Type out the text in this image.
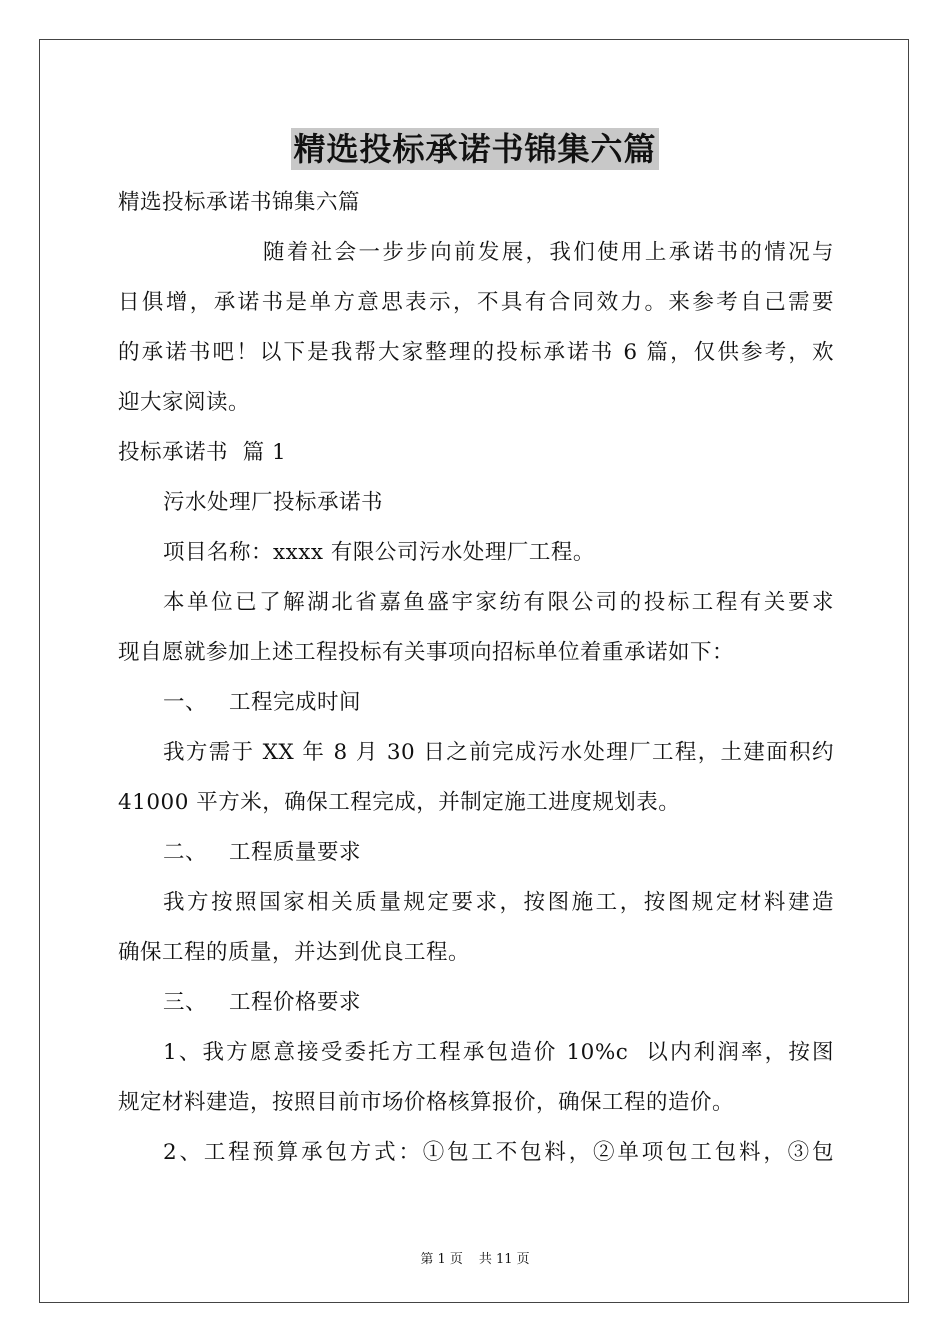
精选投标承诺书锦集六篇
精选投标承诺书锦集六篇
随着社会一步步向前发展，我们使用上承诺书的情况与
日俱增，承诺书是单方意思表示，不具有合同效力。来参考自己需要
的承诺书吧！以下是我帮大家整理的投标承诺书 6 篇，仅供参考，欢
迎大家阅读。
投标承诺书  篇 1
污水处理厂投标承诺书
项目名称：xxxx 有限公司污水处理厂工程。
本单位已了解湖北省嘉鱼盛宇家纺有限公司的投标工程有关要求
现自愿就参加上述工程投标有关事项向招标单位着重承诺如下：
一、 工程完成时间
我方需于 XX 年 8 月 30 日之前完成污水处理厂工程，土建面积约
41000 平方米，确保工程完成，并制定施工进度规划表。
二、 工程质量要求
我方按照国家相关质量规定要求，按图施工，按图规定材料建造
确保工程的质量，并达到优良工程。
三、 工程价格要求
1、我方愿意接受委托方工程承包造价 10%c  以内利润率，按图
规定材料建造，按照目前市场价格核算报价，确保工程的造价。
2、工程预算承包方式：①包工不包料，②单项包工包料，③包
第 1 页 共 11 页
